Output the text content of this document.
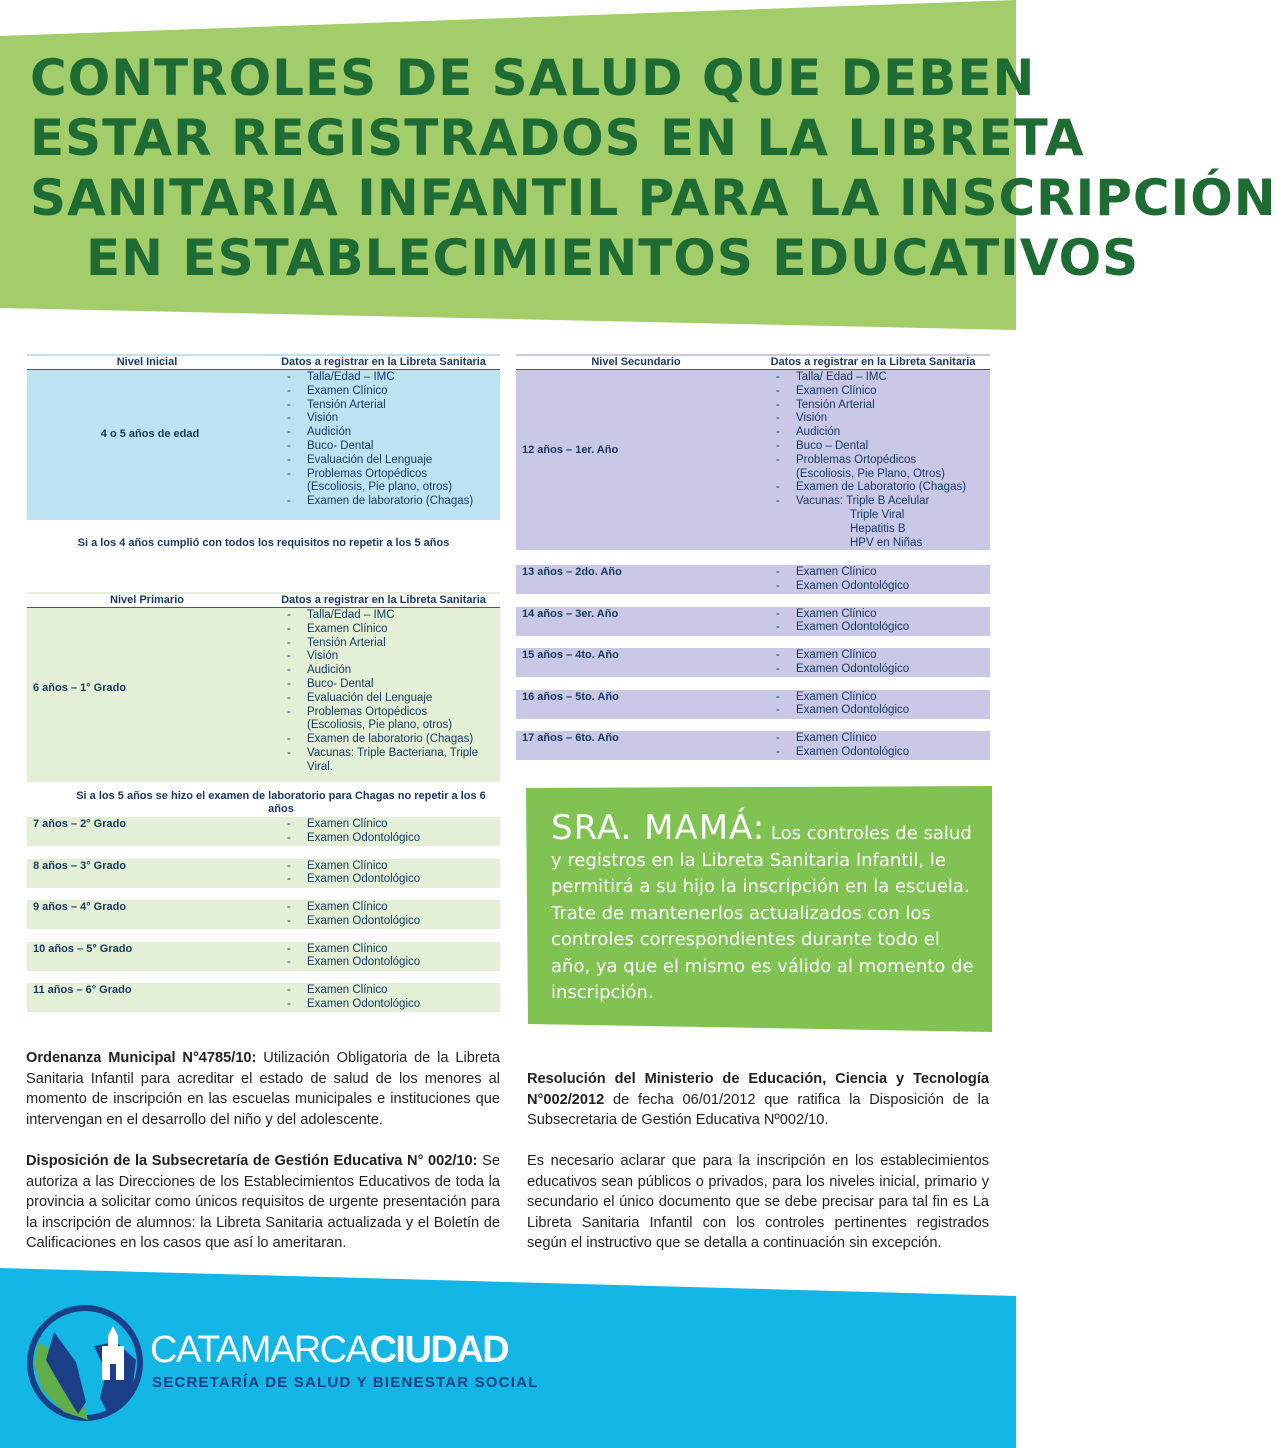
CONTROLES DE SALUD QUE DEBEN
ESTAR REGISTRADOS EN LA LIBRETA
SANITARIA INFANTIL PARA LA INSCRIPCIÓN
EN ESTABLECIMIENTOS EDUCATIVOS
Nivel Inicial	Datos a registrar en la Libreta Sanitaria
4 o 5 años de edad
- Talla/Edad – IMC
- Examen Clínico
- Tensión Arterial
- Visión
- Audición
- Buco- Dental
- Evaluación del Lenguaje
- Problemas Ortopédicos
(Escoliosis, Pie plano, otros)
- Examen de laboratorio (Chagas)
Si a los 4 años cumplió con todos los requisitos no repetir a los 5 años
Nivel Primario	Datos a registrar en la Libreta Sanitaria
6 años – 1° Grado
- Talla/Edad – IMC
- Examen Clínico
- Tensión Arterial
- Visión
- Audición
- Buco- Dental
- Evaluación del Lenguaje
- Problemas Ortopédicos
(Escoliosis, Pie plano, otros)
- Examen de laboratorio (Chagas)
- Vacunas: Triple Bacteriana, Triple
Viral.
Si a los 5 años se hizo el examen de laboratorio para Chagas no repetir a los 6 años
7 años – 2° Grado	- Examen Clínico
- Examen Odontológico
8 años – 3° Grado	- Examen Clínico
- Examen Odontológico
9 años – 4° Grado	- Examen Clínico
- Examen Odontológico
10 años – 5° Grado	- Examen Clínico
- Examen Odontológico
11 años – 6° Grado	- Examen Clínico
- Examen Odontológico
Nivel Secundario	Datos a registrar en la Libreta Sanitaria
12 años – 1er. Año
- Talla/ Edad – IMC
- Examen Clínico
- Tensión Arterial
- Visión
- Audición
- Buco – Dental
- Problemas Ortopédicos
(Escoliosis, Pie Plano, Otros)
- Examen de Laboratorio (Chagas)
- Vacunas: Triple B Acelular
Triple Viral
Hepatitis B
HPV en Niñas
13 años – 2do. Año	- Examen Clínico
- Examen Odontológico
14 años – 3er. Año	- Examen Clínico
- Examen Odontológico
15 años – 4to. Año	- Examen Clínico
- Examen Odontológico
16 años – 5to. Año	- Examen Clínico
- Examen Odontológico
17 años – 6to. Año	- Examen Clínico
- Examen Odontológico
SRA. MAMÁ: Los controles de salud y registros en la Libreta Sanitaria Infantil, le permitirá a su hijo la inscripción en la escuela. Trate de mantenerlos actualizados con los controles correspondientes durante todo el año, ya que el mismo es válido al momento de inscripción.
Ordenanza Municipal N°4785/10: Utilización Obligatoria de la Libreta Sanitaria Infantil para acreditar el estado de salud de los menores al momento de inscripción en las escuelas municipales e instituciones que intervengan en el desarrollo del niño y del adolescente.
Disposición de la Subsecretaría de Gestión Educativa N° 002/10: Se autoriza a las Direcciones de los Establecimientos Educativos de toda la provincia a solicitar como únicos requisitos de urgente presentación para la inscripción de alumnos: la Libreta Sanitaria actualizada y el Boletín de Calificaciones en los casos que así lo ameritaran.
Resolución del Ministerio de Educación, Ciencia y Tecnología N°002/2012 de fecha 06/01/2012 que ratifica la Disposición de la Subsecretaria de Gestión Educativa Nº002/10.
Es necesario aclarar que para la inscripción en los establecimientos educativos sean públicos o privados, para los niveles inicial, primario y secundario el único documento que se debe precisar para tal fin es La Libreta Sanitaria Infantil con los controles pertinentes registrados según el instructivo que se detalla a continuación sin excepción.
CATAMARCACIUDAD
SECRETARÍA DE SALUD Y BIENESTAR SOCIAL
